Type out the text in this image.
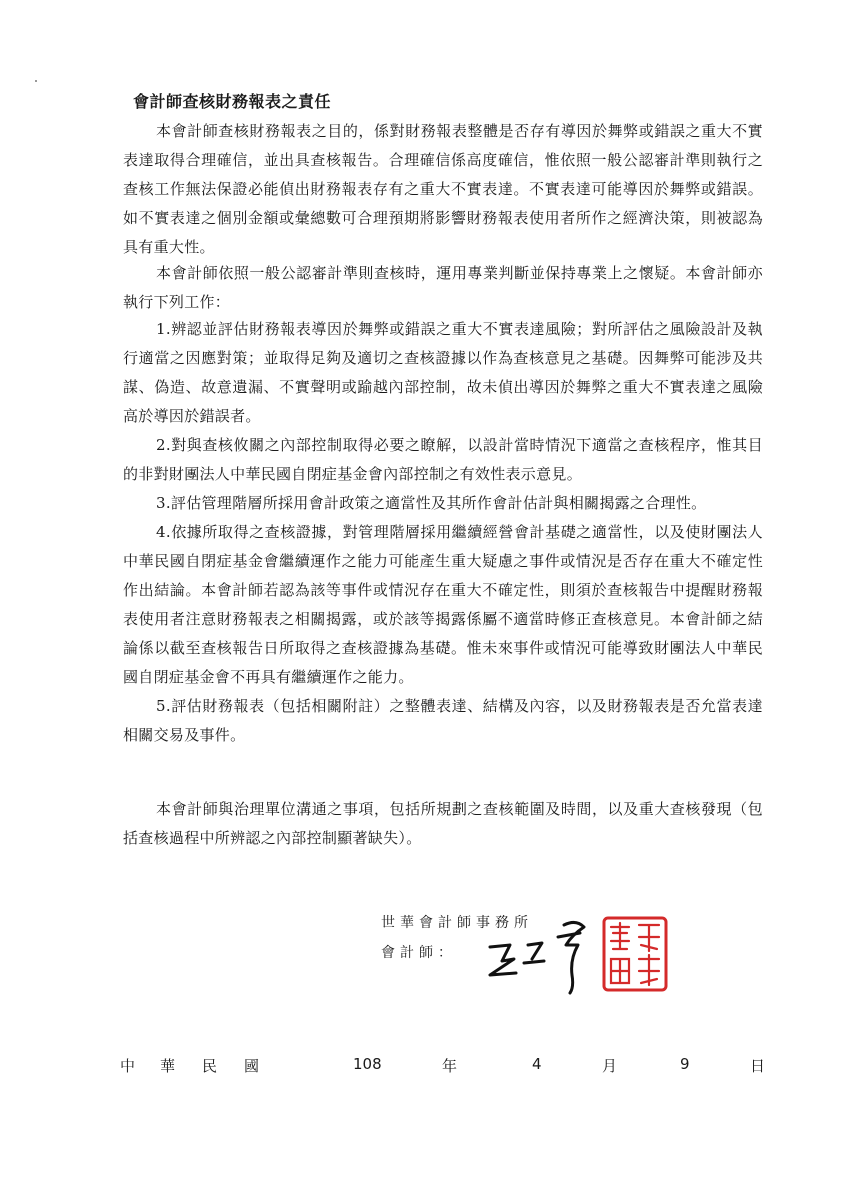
會計師查核財務報表之責任

本會計師查核財務報表之目的，係對財務報表整體是否存有導因於舞弊或錯誤之重大不實表達取得合理確信，並出具查核報告。合理確信係高度確信，惟依照一般公認審計準則執行之查核工作無法保證必能偵出財務報表存有之重大不實表達。不實表達可能導因於舞弊或錯誤。如不實表達之個別金額或彙總數可合理預期將影響財務報表使用者所作之經濟決策，則被認為具有重大性。

本會計師依照一般公認審計準則查核時，運用專業判斷並保持專業上之懷疑。本會計師亦執行下列工作：

1.辨認並評估財務報表導因於舞弊或錯誤之重大不實表達風險；對所評估之風險設計及執行適當之因應對策；並取得足夠及適切之查核證據以作為查核意見之基礎。因舞弊可能涉及共謀、偽造、故意遺漏、不實聲明或踰越內部控制，故未偵出導因於舞弊之重大不實表達之風險高於導因於錯誤者。

2.對與查核攸關之內部控制取得必要之瞭解，以設計當時情況下適當之查核程序，惟其目的非對財團法人中華民國自閉症基金會內部控制之有效性表示意見。

3.評估管理階層所採用會計政策之適當性及其所作會計估計與相關揭露之合理性。

4.依據所取得之查核證據，對管理階層採用繼續經營會計基礎之適當性，以及使財團法人中華民國自閉症基金會繼續運作之能力可能產生重大疑慮之事件或情況是否存在重大不確定性作出結論。本會計師若認為該等事件或情況存在重大不確定性，則須於查核報告中提醒財務報表使用者注意財務報表之相關揭露，或於該等揭露係屬不適當時修正查核意見。本會計師之結論係以截至查核報告日所取得之查核證據為基礎。惟未來事件或情況可能導致財團法人中華民國自閉症基金會不再具有繼續運作之能力。

5.評估財務報表（包括相關附註）之整體表達、結構及內容，以及財務報表是否允當表達相關交易及事件。

本會計師與治理單位溝通之事項，包括所規劃之查核範圍及時間，以及重大查核發現（包括查核過程中所辨認之內部控制顯著缺失）。

世華會計師事務所
會計師：
中 華 民 國	108	年	4	月	9	日
